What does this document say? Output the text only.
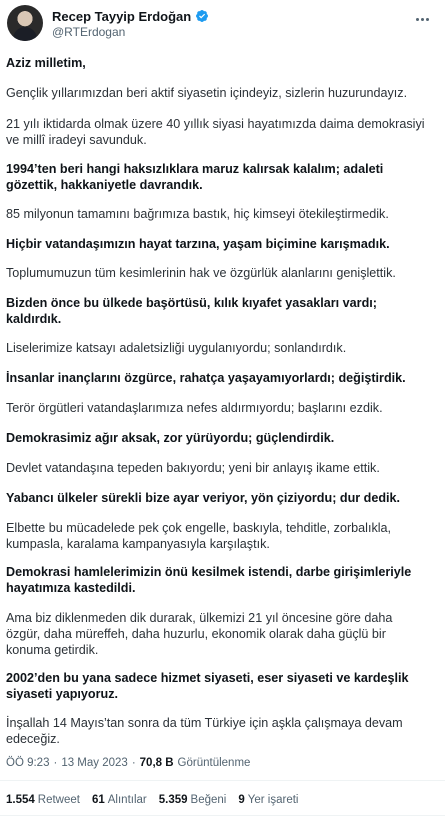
Recep Tayyip Erdoğan
@RTErdogan
Aziz milletim,
Gençlik yıllarımızdan beri aktif siyasetin içindeyiz, sizlerin huzurundayız.
21 yılı iktidarda olmak üzere 40 yıllık siyasi hayatımızda daima demokrasiyi ve millî iradeyi savunduk.
1994’ten beri hangi haksızlıklara maruz kalırsak kalalım; adaleti gözettik, hakkaniyetle davrandık.
85 milyonun tamamını bağrımıza bastık, hiç kimseyi ötekileştirmedik.
Hiçbir vatandaşımızın hayat tarzına, yaşam biçimine karışmadık.
Toplumumuzun tüm kesimlerinin hak ve özgürlük alanlarını genişlettik.
Bizden önce bu ülkede başörtüsü, kılık kıyafet yasakları vardı; kaldırdık.
Liselerimize katsayı adaletsizliği uygulanıyordu; sonlandırdık.
İnsanlar inançlarını özgürce, rahatça yaşayamıyorlardı; değiştirdik.
Terör örgütleri vatandaşlarımıza nefes aldırmıyordu; başlarını ezdik.
Demokrasimiz ağır aksak, zor yürüyordu; güçlendirdik.
Devlet vatandaşına tepeden bakıyordu; yeni bir anlayış ikame ettik.
Yabancı ülkeler sürekli bize ayar veriyor, yön çiziyordu; dur dedik.
Elbette bu mücadelede pek çok engelle, baskıyla, tehditle, zorbalıkla, kumpasla, karalama kampanyasıyla karşılaştık.
Demokrasi hamlelerimizin önü kesilmek istendi, darbe girişimleriyle hayatımıza kastedildi.
Ama biz diklenmeden dik durarak, ülkemizi 21 yıl öncesine göre daha özgür, daha müreffeh, daha huzurlu, ekonomik olarak daha güçlü bir konuma getirdik.
2002’den bu yana sadece hizmet siyaseti, eser siyaseti ve kardeşlik siyaseti yapıyoruz.
İnşallah 14 Mayıs’tan sonra da tüm Türkiye için aşkla çalışmaya devam edeceğiz.
ÖÖ 9:23 · 13 May 2023 · 70,8 B Görüntülenme
1.554 Retweet 61 Alıntılar 5.359 Beğeni 9 Yer işareti
